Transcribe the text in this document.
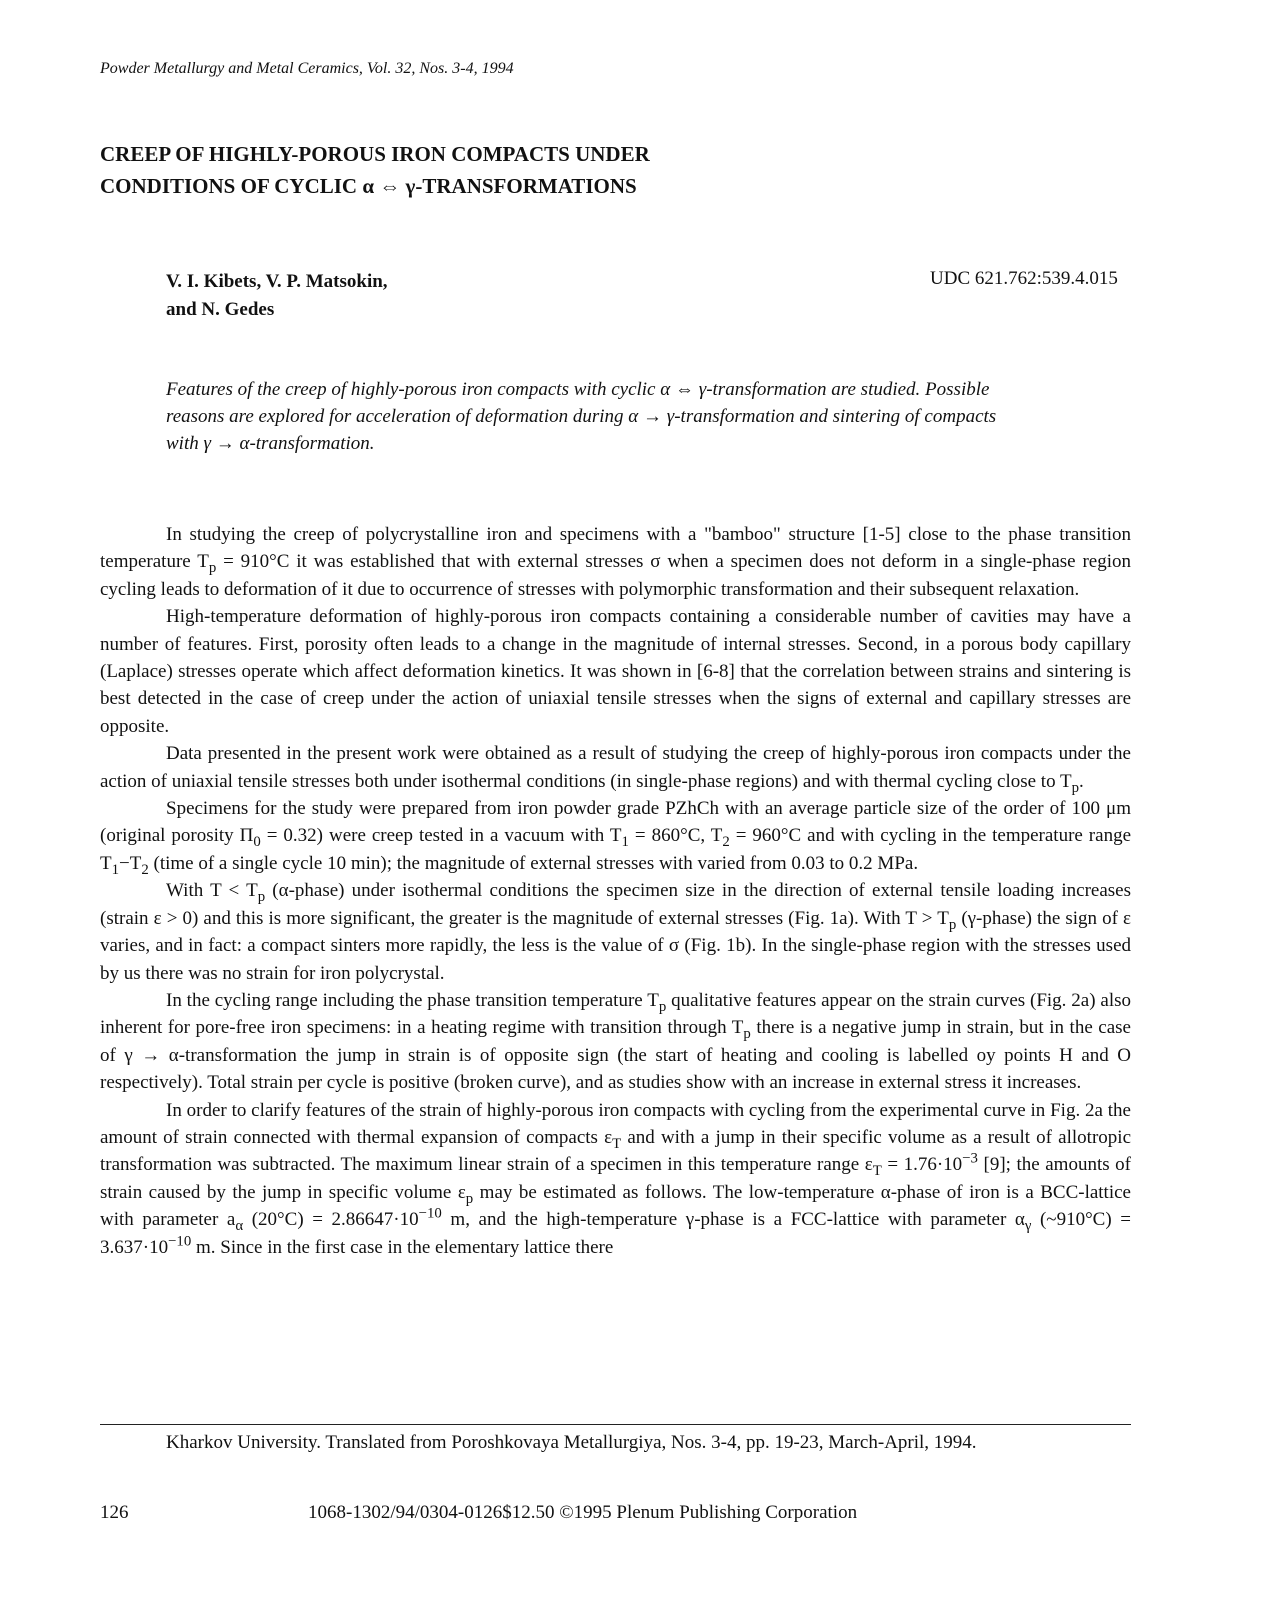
Powder Metallurgy and Metal Ceramics, Vol. 32, Nos. 3-4, 1994
CREEP OF HIGHLY-POROUS IRON COMPACTS UNDER
CONDITIONS OF CYCLIC α ⇔ γ-TRANSFORMATIONS
V. I. Kibets, V. P. Matsokin,
and N. Gedes
UDC 621.762:539.4.015
Features of the creep of highly-porous iron compacts with cyclic α ⇔ γ-transformation are studied. Possible
reasons are explored for acceleration of deformation during α → γ-transformation and sintering of compacts
with γ → α-transformation.

In studying the creep of polycrystalline iron and specimens with a "bamboo" structure [1-5] close to the phase transition temperature $T_p = 910^\circ C$ it was established that with external stresses σ when a specimen does not deform in a single-phase region cycling leads to deformation of it due to occurrence of stresses with polymorphic transformation and their subsequent relaxation.

High-temperature deformation of highly-porous iron compacts containing a considerable number of cavities may have a number of features. First, porosity often leads to a change in the magnitude of internal stresses. Second, in a porous body capillary (Laplace) stresses operate which affect deformation kinetics. It was shown in [6-8] that the correlation between strains and sintering is best detected in the case of creep under the action of uniaxial tensile stresses when the signs of external and capillary stresses are opposite.

Data presented in the present work were obtained as a result of studying the creep of highly-porous iron compacts under the action of uniaxial tensile stresses both under isothermal conditions (in single-phase regions) and with thermal cycling close to $T_p$.

Specimens for the study were prepared from iron powder grade PZhCh with an average particle size of the order of 100 μm (original porosity $\Pi_0 = 0.32$) were creep tested in a vacuum with $T_1 = 860^\circ C$, $T_2 = 960^\circ C$ and with cycling in the temperature range $T_1-T_2$ (time of a single cycle 10 min); the magnitude of external stresses with varied from 0.03 to 0.2 MPa.

With $T < T_p$ (α-phase) under isothermal conditions the specimen size in the direction of external tensile loading increases (strain ε > 0) and this is more significant, the greater is the magnitude of external stresses (Fig. 1a). With $T > T_p$ (γ-phase) the sign of ε varies, and in fact: a compact sinters more rapidly, the less is the value of σ (Fig. 1b). In the single-phase region with the stresses used by us there was no strain for iron polycrystal.

In the cycling range including the phase transition temperature $T_p$ qualitative features appear on the strain curves (Fig. 2a) also inherent for pore-free iron specimens: in a heating regime with transition through $T_p$ there is a negative jump in strain, but in the case of γ → α-transformation the jump in strain is of opposite sign (the start of heating and cooling is labelled oy points H and O respectively). Total strain per cycle is positive (broken curve), and as studies show with an increase in external stress it increases.

In order to clarify features of the strain of highly-porous iron compacts with cycling from the experimental curve in Fig. 2a the amount of strain connected with thermal expansion of compacts $\varepsilon_T$ and with a jump in their specific volume as a result of allotropic transformation was subtracted. The maximum linear strain of a specimen in this temperature range $\varepsilon_T = 1.76\cdot 10^{-3}$ [9]; the amounts of strain caused by the jump in specific volume $\varepsilon_p$ may be estimated as follows. The low-temperature α-phase of iron is a BCC-lattice with parameter $a_\alpha$ $(20^\circ C) = 2.86647\cdot 10^{-10}$ m, and the high-temperature γ-phase is a FCC-lattice with parameter $\alpha_\gamma$ (~910°C) = $3.637\cdot 10^{-10}$ m. Since in the first case in the elementary lattice there

Kharkov University. Translated from Poroshkovaya Metallurgiya, Nos. 3-4, pp. 19-23, March-April, 1994.
126	1068-1302/94/0304-0126$12.50 ©1995 Plenum Publishing Corporation
